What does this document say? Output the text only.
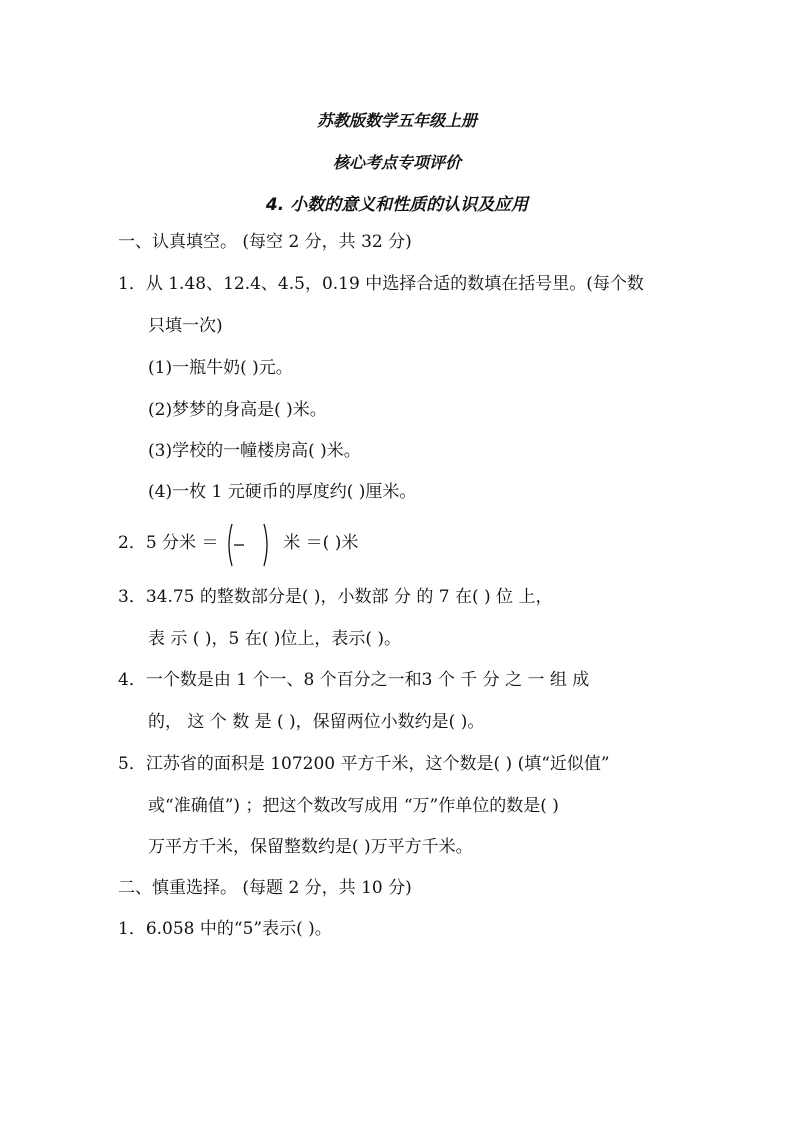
苏教版数学五年级上册
核心考点专项评价
4. 小数的意义和性质的认识及应用
一、认真填空。 (每空 2 分，共 32 分)
1．从 1.48、12.4、4.5，0.19 中选择合适的数填在括号里。(每个数
只填一次)
(1)一瓶牛奶( )元。
(2)梦梦的身高是( )米。
(3)学校的一幢楼房高( )米。
(4)一枚 1 元硬币的厚度约( )厘米。
2．5 分米 ＝	米 ＝( )米
3．34.75 的整数部分是( )，小数部 分 的 7 在( ) 位 上，
表 示 ( )，5 在( )位上，表示( )。
4．一个数是由 1 个一、8 个百分之一和3 个 千 分 之 一 组 成
的， 这 个 数 是 ( )，保留两位小数约是( )。
5．江苏省的面积是 107200 平方千米，这个数是( ) (填“近似值”
或“准确值”) ；把这个数改写成用 “万”作单位的数是( )
万平方千米，保留整数约是( )万平方千米。
二、慎重选择。 (每题 2 分，共 10 分)
1．6.058 中的“5”表示( )。
